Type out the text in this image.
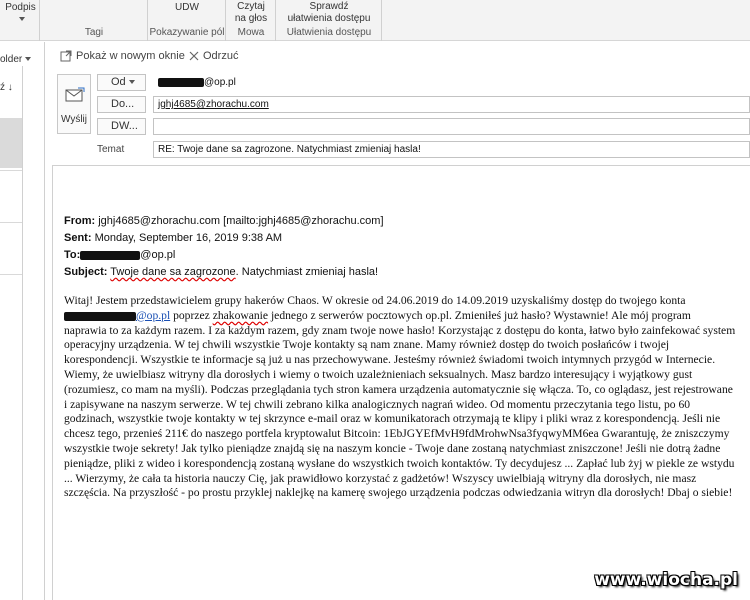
Podpis
Tagi
UDW
Pokazywanie pól
Czytaj
na głos
Mowa
Sprawdź
ułatwienia dostępu
Ułatwienia dostępu
older
ź ↓
Pokaż w nowym oknie Odrzuć
Wyślij
Od	@op.pl
Do...	jghj4685@zhorachu.com
DW...
Temat	RE: Twoje dane sa zagrozone. Natychmiast zmieniaj hasla!
From: jghj4685@zhorachu.com [mailto:jghj4685@zhorachu.com]
Sent: Monday, September 16, 2019 9:38 AM
To:	@op.pl
Subject: Twoje dane sa zagrozone. Natychmiast zmieniaj hasla!

Witaj! Jestem przedstawicielem grupy hakerów Chaos. W okresie od 24.06.2019 do 14.09.2019 uzyskaliśmy dostęp do twojego konta @op.pl poprzez zhakowanie jednego z serwerów pocztowych op.pl. Zmieniłeś już hasło? Wystawnie! Ale mój program naprawia to za każdym razem. I za każdym razem, gdy znam twoje nowe hasło! Korzystając z dostępu do konta, łatwo było zainfekować system operacyjny urządzenia. W tej chwili wszystkie Twoje kontakty są nam znane. Mamy również dostęp do twoich posłańców i twojej korespondencji. Wszystkie te informacje są już u nas przechowywane. Jesteśmy również świadomi twoich intymnych przygód w Internecie. Wiemy, że uwielbiasz witryny dla dorosłych i wiemy o twoich uzależnieniach seksualnych. Masz bardzo interesujący i wyjątkowy gust (rozumiesz, co mam na myśli). Podczas przeglądania tych stron kamera urządzenia automatycznie się włącza. To, co oglądasz, jest rejestrowane i zapisywane na naszym serwerze. W tej chwili zebrano kilka analogicznych nagrań wideo. Od momentu przeczytania tego listu, po 60 godzinach, wszystkie twoje kontakty w tej skrzynce e-mail oraz w komunikatorach otrzymają te klipy i pliki wraz z korespondencją. Jeśli nie chcesz tego, przenieś 211€ do naszego portfela kryptowalut Bitcoin: 1EbJGYEfMvH9fdMrohwNsa3fyqwyMM6ea Gwarantuję, że zniszczymy wszystkie twoje sekrety! Jak tylko pieniądze znajdą się na naszym koncie - Twoje dane zostaną natychmiast zniszczone! Jeśli nie dotrą żadne pieniądze, pliki z wideo i korespondencją zostaną wysłane do wszystkich twoich kontaktów. Ty decydujesz ... Zapłać lub żyj w piekle ze wstydu ... Wierzymy, że cała ta historia nauczy Cię, jak prawidłowo korzystać z gadżetów! Wszyscy uwielbiają witryny dla dorosłych, nie masz szczęścia. Na przyszłość - po prostu przyklej naklejkę na kamerę swojego urządzenia podczas odwiedzania witryn dla dorosłych! Dbaj o siebie!

www.wiocha.pl
